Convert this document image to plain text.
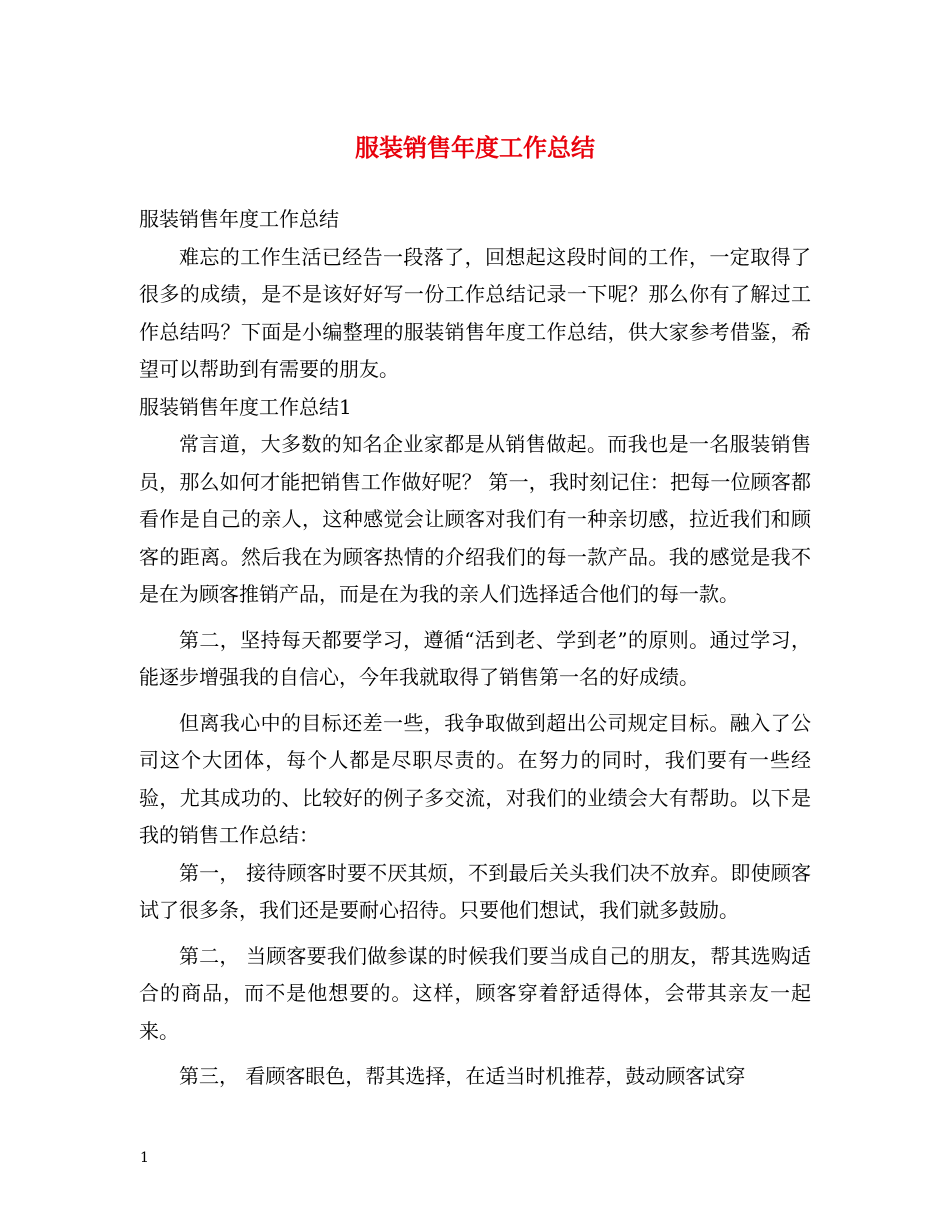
服装销售年度工作总结

服装销售年度工作总结

难忘的工作生活已经告一段落了，回想起这段时间的工作，一定取得了很多的成绩，是不是该好好写一份工作总结记录一下呢？那么你有了解过工作总结吗？下面是小编整理的服装销售年度工作总结，供大家参考借鉴，希望可以帮助到有需要的朋友。

服装销售年度工作总结1

常言道，大多数的知名企业家都是从销售做起。而我也是一名服装销售员，那么如何才能把销售工作做好呢？ 第一，我时刻记住：把每一位顾客都看作是自己的亲人，这种感觉会让顾客对我们有一种亲切感，拉近我们和顾客的距离。然后我在为顾客热情的介绍我们的每一款产品。我的感觉是我不是在为顾客推销产品，而是在为我的亲人们选择适合他们的每一款。

第二，坚持每天都要学习，遵循“活到老、学到老”的原则。通过学习，能逐步增强我的自信心，今年我就取得了销售第一名的好成绩。

但离我心中的目标还差一些，我争取做到超出公司规定目标。融入了公司这个大团体，每个人都是尽职尽责的。在努力的同时，我们要有一些经验，尤其成功的、比较好的例子多交流，对我们的业绩会大有帮助。以下是我的销售工作总结：

第一， 接待顾客时要不厌其烦，不到最后关头我们决不放弃。即使顾客试了很多条，我们还是要耐心招待。只要他们想试，我们就多鼓励。

第二， 当顾客要我们做参谋的时候我们要当成自己的朋友，帮其选购适合的商品，而不是他想要的。这样，顾客穿着舒适得体，会带其亲友一起来。

第三， 看顾客眼色，帮其选择，在适当时机推荐，鼓动顾客试穿

1
